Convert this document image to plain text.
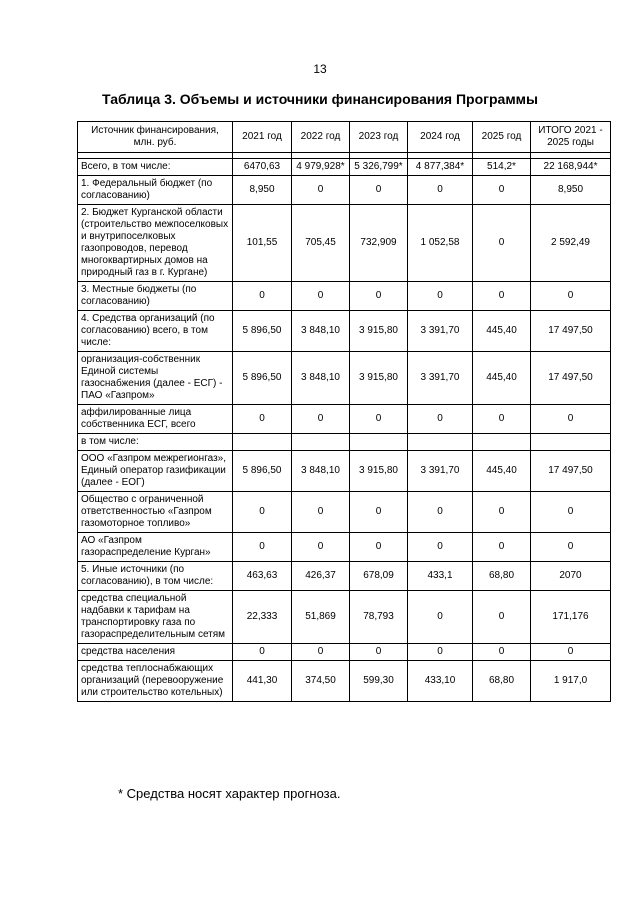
13
Таблица 3. Объемы и источники финансирования Программы
Источник финансирования, млн. руб.	2021 год	2022 год	2023 год	2024 год	2025 год	ИТОГО 2021 - 2025 годы

Всего, в том числе:	6470,63	4 979,928*	5 326,799*	4 877,384*	514,2*	22 168,944*
1. Федеральный бюджет (по согласованию)	8,950	0	0	0	0	8,950
2. Бюджет Курганской области (строительство межпоселковых и внутрипоселковых газопроводов, перевод многоквартирных домов на природный газ в г. Кургане)	101,55	705,45	732,909	1 052,58	0	2 592,49
3. Местные бюджеты (по согласованию)	0	0	0	0	0	0
4. Средства организаций (по согласованию) всего, в том числе:	5 896,50	3 848,10	3 915,80	3 391,70	445,40	17 497,50
организация-собственник Единой системы газоснабжения (далее - ЕСГ) - ПАО «Газпром»	5 896,50	3 848,10	3 915,80	3 391,70	445,40	17 497,50
аффилированные лица собственника ЕСГ, всего	0	0	0	0	0	0
в том числе:						
ООО «Газпром межрегионгаз», Единый оператор газификации (далее - ЕОГ)	5 896,50	3 848,10	3 915,80	3 391,70	445,40	17 497,50
Общество с ограниченной ответственностью «Газпром газомоторное топливо»	0	0	0	0	0	0
АО «Газпром газораспределение Курган»	0	0	0	0	0	0
5. Иные источники (по согласованию), в том числе:	463,63	426,37	678,09	433,1	68,80	2070
средства специальной надбавки к тарифам на транспортировку газа по газораспределительным сетям	22,333	51,869	78,793	0	0	171,176
средства населения	0	0	0	0	0	0
средства теплоснабжающих организаций (перевооружение или строительство котельных)	441,30	374,50	599,30	433,10	68,80	1 917,0
* Средства носят характер прогноза.
